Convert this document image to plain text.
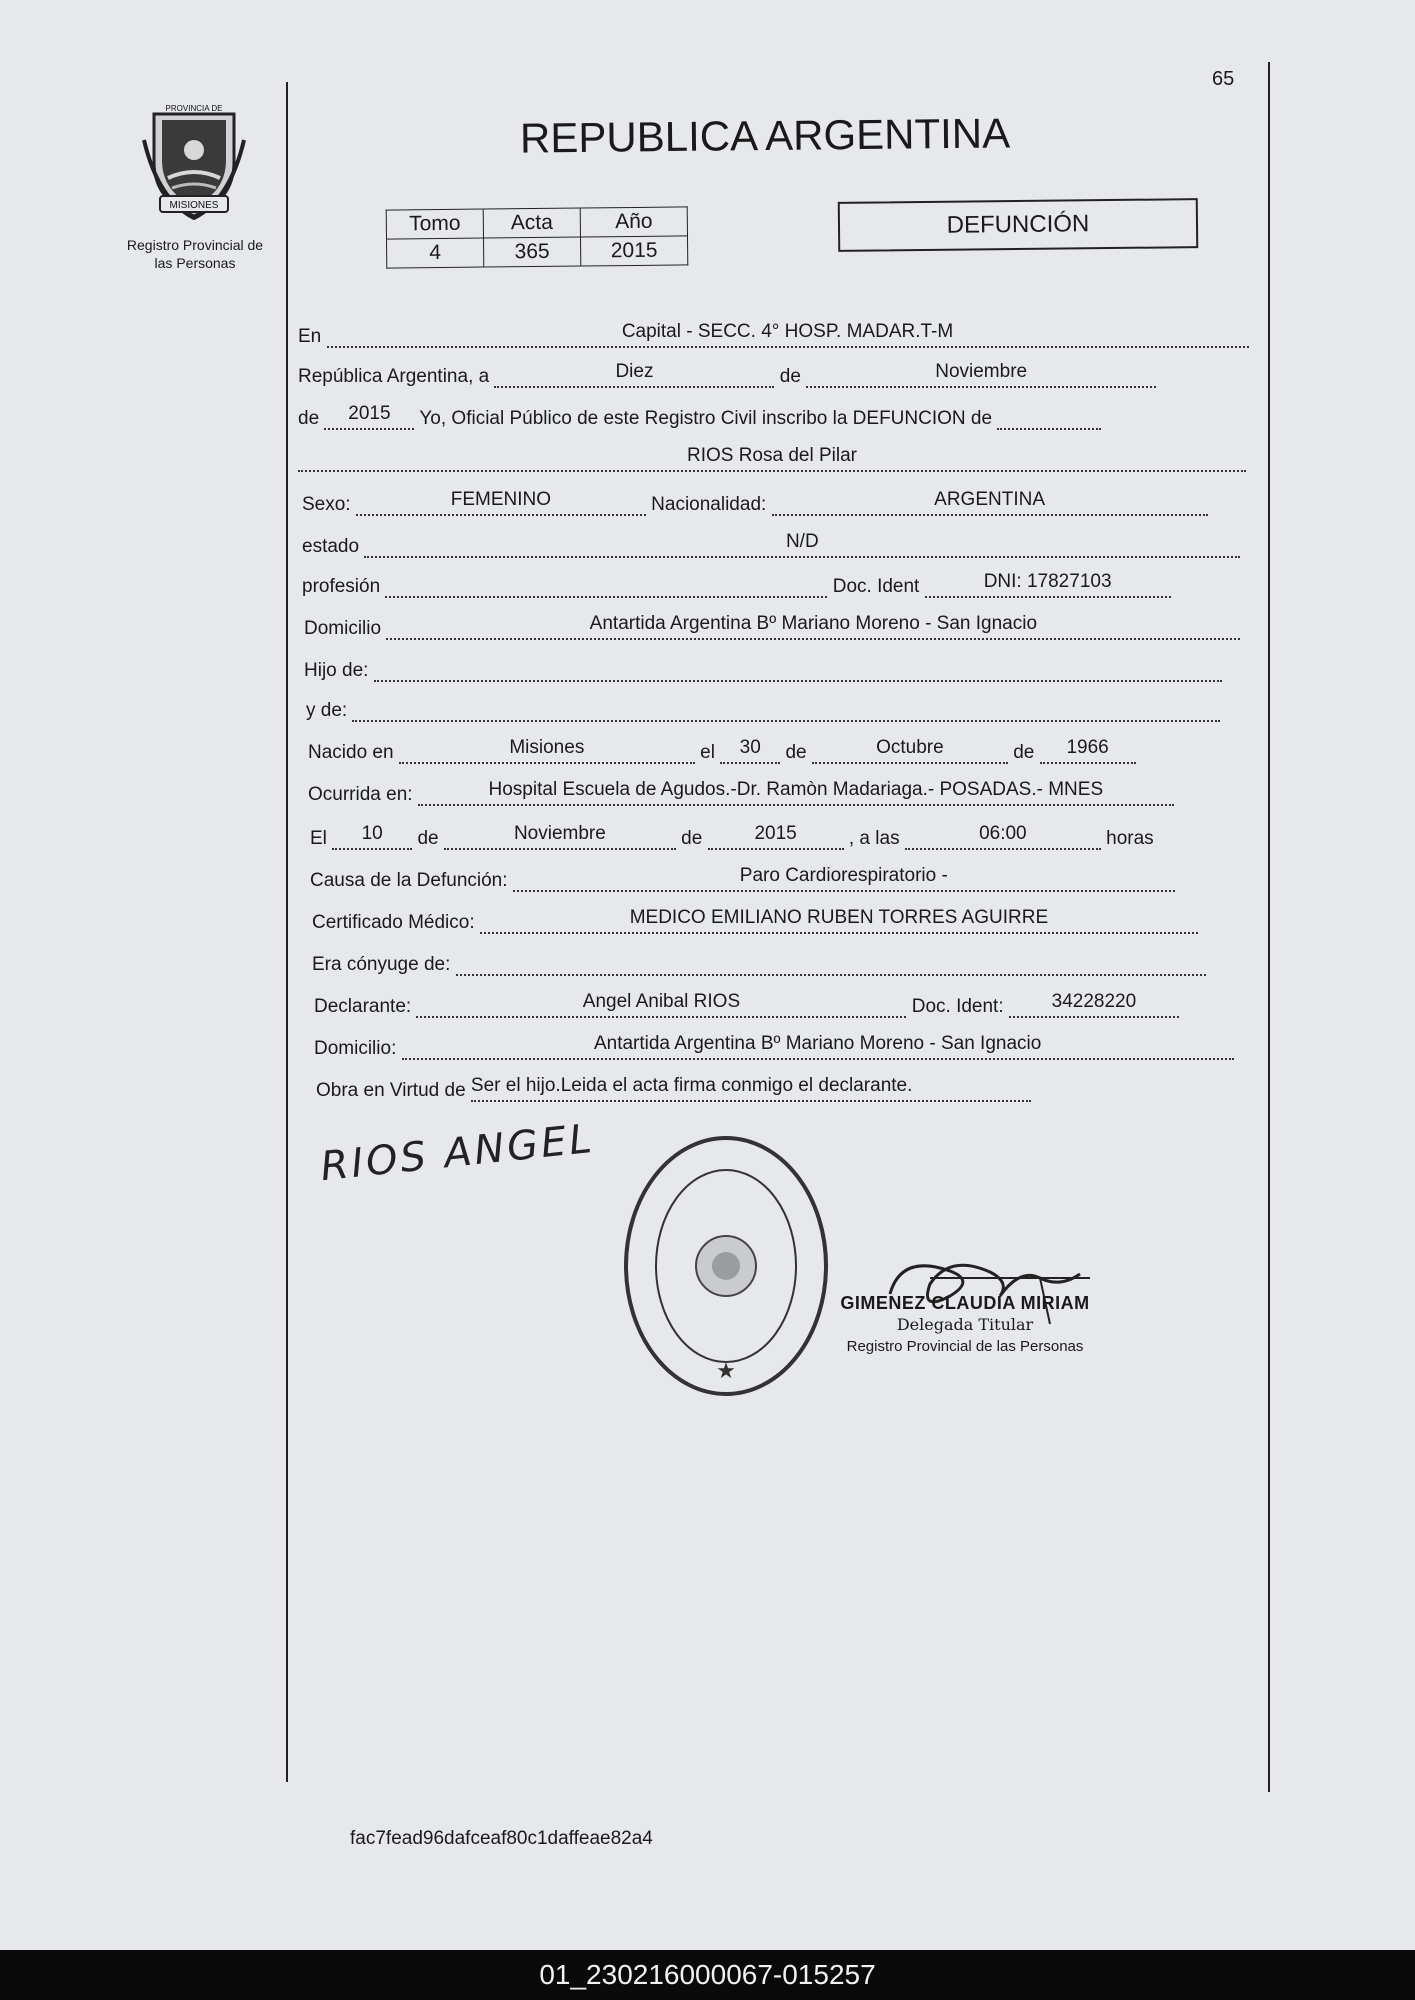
65
MISIONES
PROVINCIA DE
Registro Provincial de
las Personas
REPUBLICA ARGENTINA
Tomo	Acta	Año
4	365	2015
DEFUNCIÓN
En	Capital - SECC. 4° HOSP. MADAR.T-M
República Argentina, a	Diez	de	Noviembre
de 2015 Yo, Oficial Público de este Registro Civil inscribo la DEFUNCION de
RIOS Rosa del Pilar
Sexo:	FEMENINO	Nacionalidad:	ARGENTINA
estado	N/D
profesión	Doc. Ident	DNI: 17827103
Domicilio	Antartida Argentina Bº Mariano Moreno - San Ignacio
Hijo de:
y de:
Nacido en	Misiones	el 30 de	Octubre	de 1966
Ocurrida en:	Hospital Escuela de Agudos.-Dr. Ramòn Madariaga.- POSADAS.- MNES
El 10 de	Noviembre	de	2015	, a las	06:00	horas
Causa de la Defunción:	Paro Cardiorespiratorio -
Certificado Médico:	MEDICO EMILIANO RUBEN TORRES AGUIRRE
Era cónyuge de:
Declarante:	Angel Anibal RIOS	Doc. Ident:	34228220
Domicilio:	Antartida Argentina Bº Mariano Moreno - San Ignacio
Obra en Virtud de Ser el hijo.Leida el acta firma conmigo el declarante.
RIOS ANGEL
★
GIMENEZ CLAUDIA MIRIAM
Delegada Titular
Registro Provincial de las Personas
fac7fead96dafceaf80c1daffeae82a4
01_230216000067-015257
